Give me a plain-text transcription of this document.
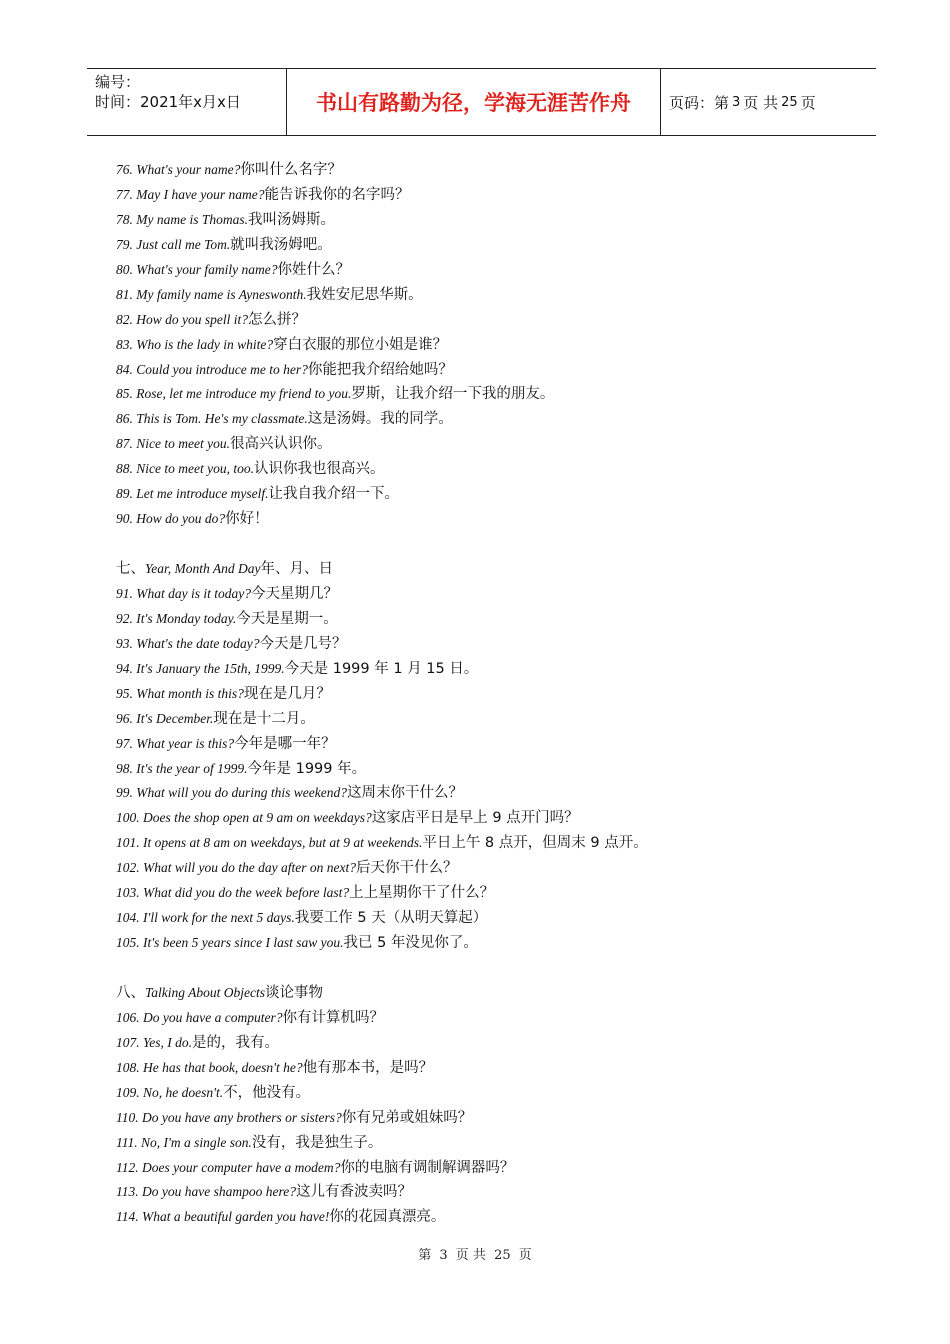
编号：
时间：2021年x月x日	书山有路勤为径，学海无涯苦作舟	页码：第 3 页 共 25 页
76. What's your name?你叫什么名字？
77. May I have your name?能告诉我你的名字吗？
78. My name is Thomas.我叫汤姆斯。
79. Just call me Tom.就叫我汤姆吧。
80. What's your family name?你姓什么？
81. My family name is Ayneswonth.我姓安尼思华斯。
82. How do you spell it?怎么拼？
83. Who is the lady in white?穿白衣服的那位小姐是谁？
84. Could you introduce me to her?你能把我介绍给她吗？
85. Rose, let me introduce my friend to you.罗斯，让我介绍一下我的朋友。
86. This is Tom. He's my classmate.这是汤姆。我的同学。
87. Nice to meet you.很高兴认识你。
88. Nice to meet you, too.认识你我也很高兴。
89. Let me introduce myself.让我自我介绍一下。
90. How do you do?你好！
七、Year, Month And Day年、月、日
91. What day is it today?今天星期几？
92. It's Monday today.今天是星期一。
93. What's the date today?今天是几号？
94. It's January the 15th, 1999.今天是 1999 年 1 月 15 日。
95. What month is this?现在是几月？
96. It's December.现在是十二月。
97. What year is this?今年是哪一年？
98. It's the year of 1999.今年是 1999 年。
99. What will you do during this weekend?这周末你干什么？
100. Does the shop open at 9 am on weekdays?这家店平日是早上 9 点开门吗？
101. It opens at 8 am on weekdays, but at 9 at weekends.平日上午 8 点开，但周末 9 点开。
102. What will you do the day after on next?后天你干什么？
103. What did you do the week before last?上上星期你干了什么？
104. I'll work for the next 5 days.我要工作 5 天（从明天算起）
105. It's been 5 years since I last saw you.我已 5 年没见你了。
八、Talking About Objects谈论事物
106. Do you have a computer?你有计算机吗？
107. Yes, I do.是的，我有。
108. He has that book, doesn't he?他有那本书，是吗？
109. No, he doesn't.不，他没有。
110. Do you have any brothers or sisters?你有兄弟或姐妹吗？
111. No, I'm a single son.没有，我是独生子。
112. Does your computer have a modem?你的电脑有调制解调器吗？
113. Do you have shampoo here?这儿有香波卖吗？
114. What a beautiful garden you have!你的花园真漂亮。
第 3 页 共 25 页
